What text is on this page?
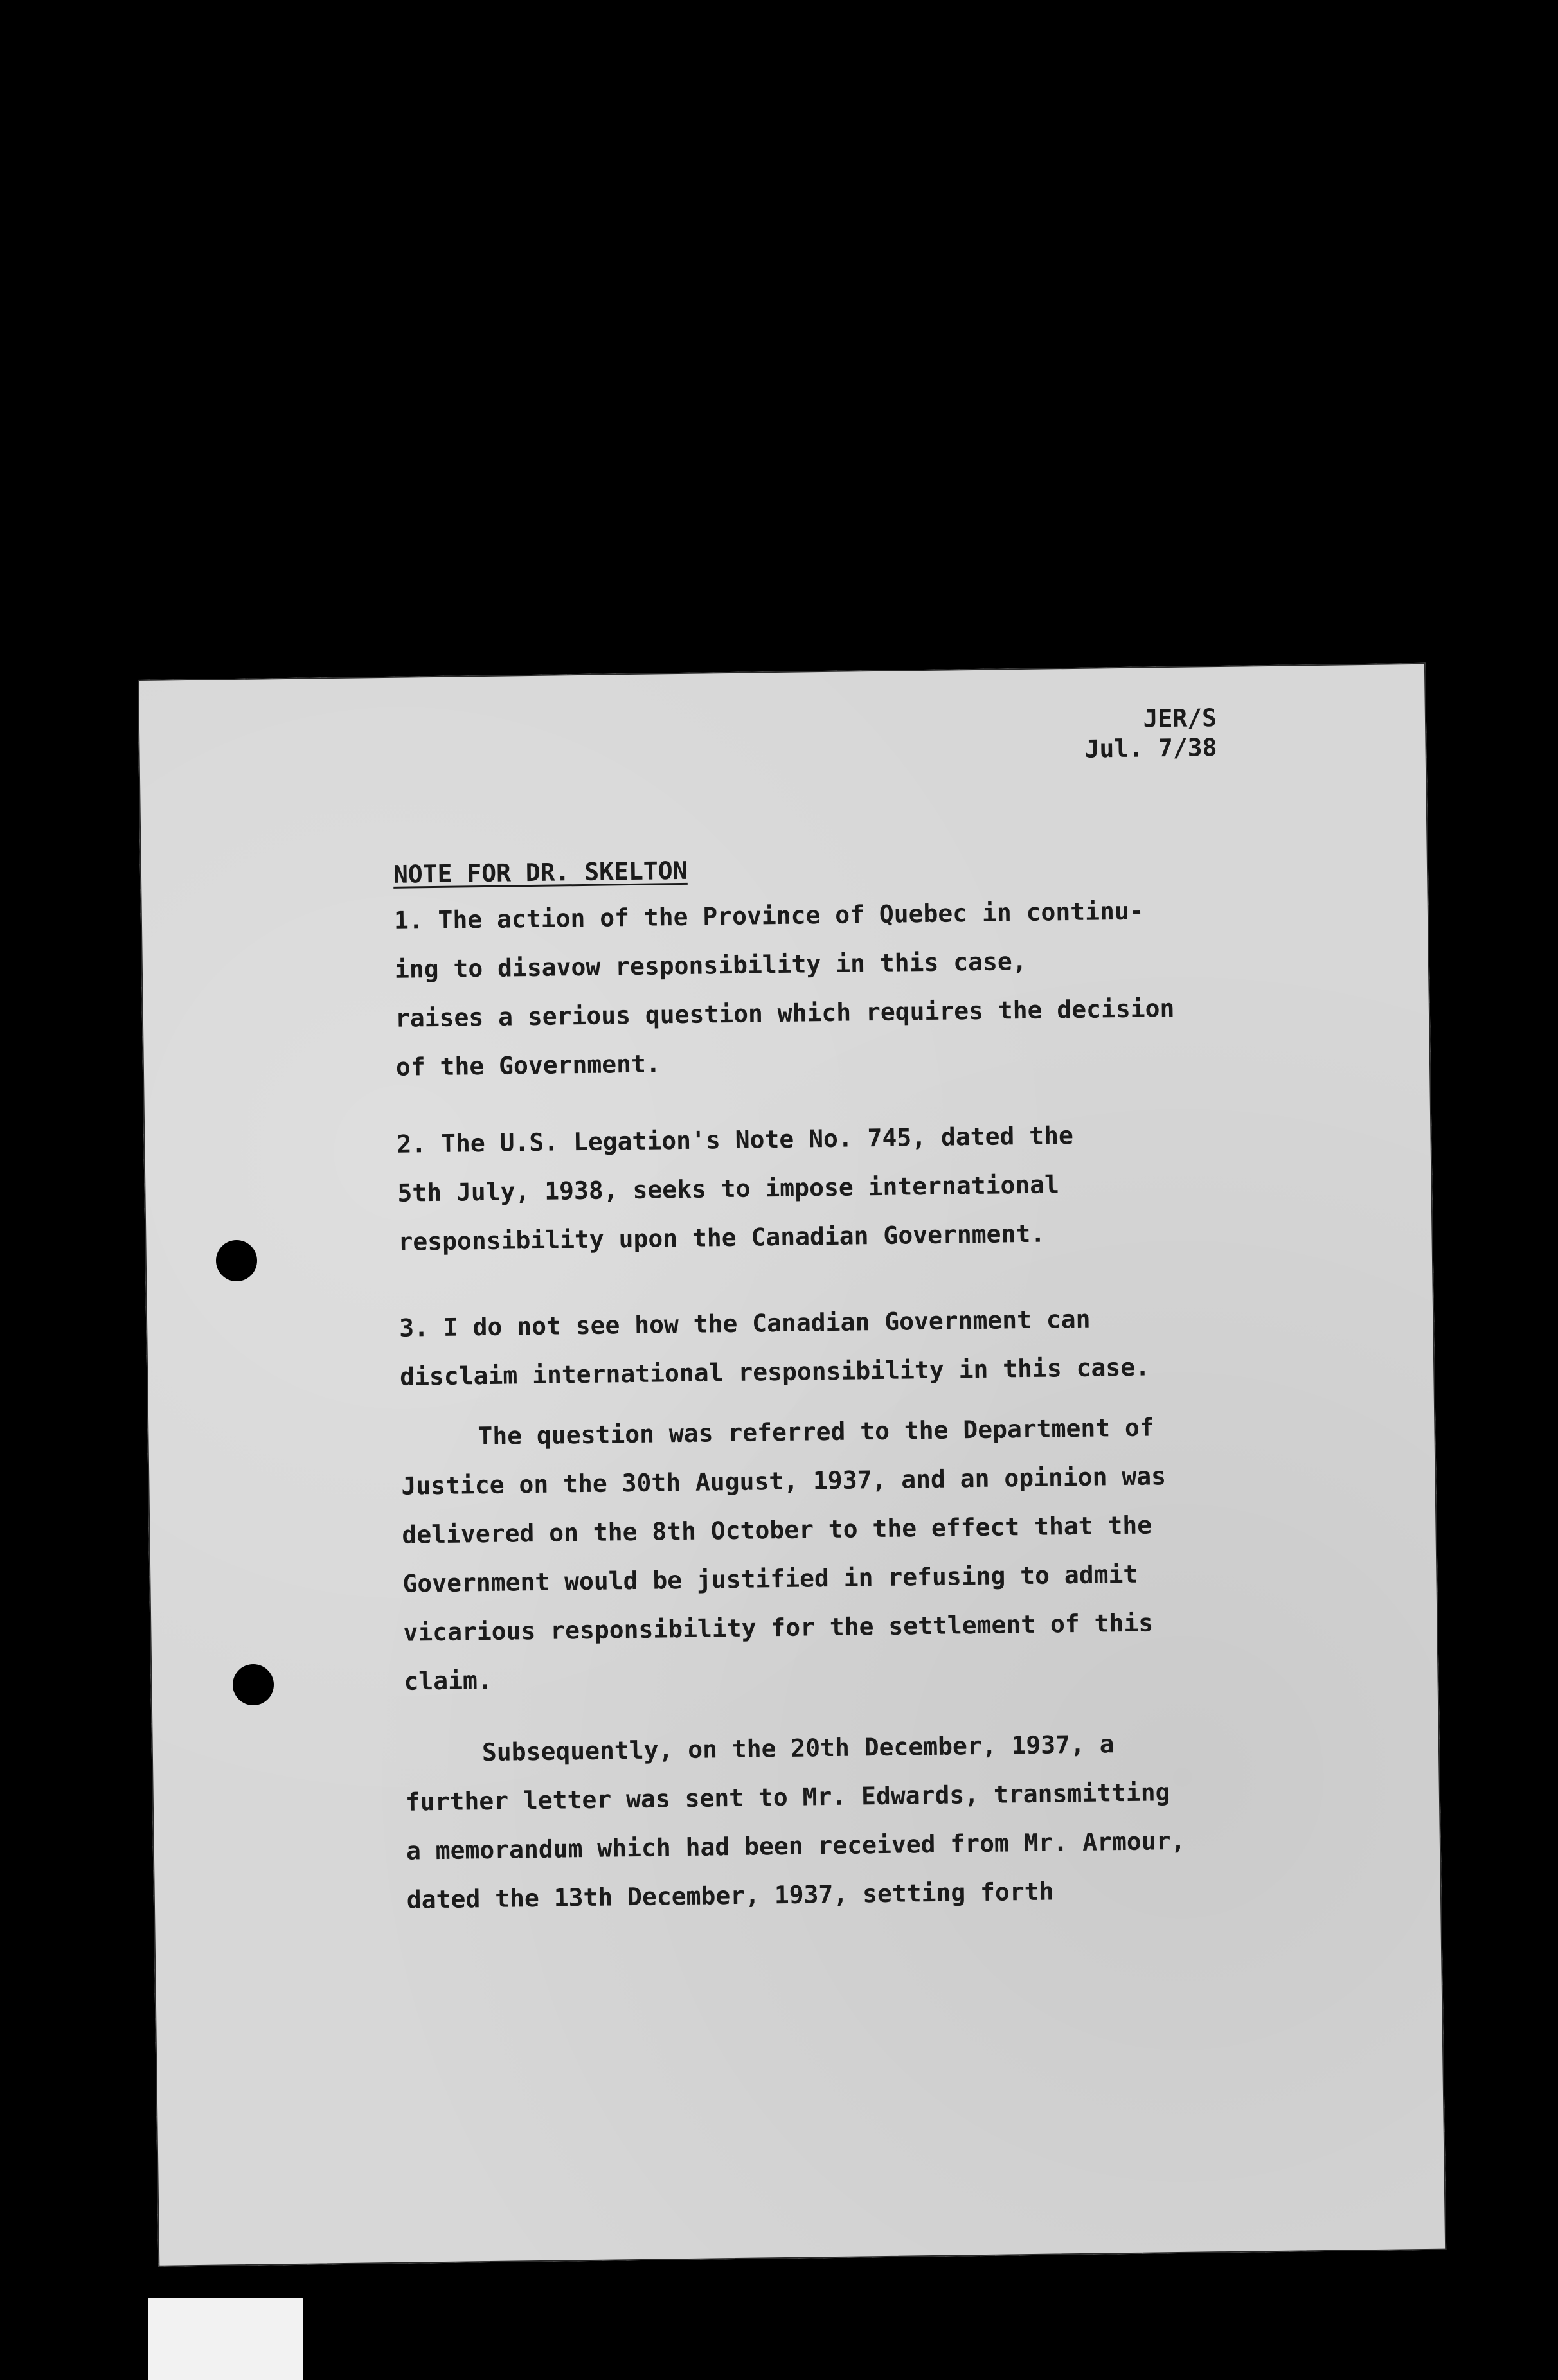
JER/S
Jul. 7/38
NOTE FOR DR. SKELTON
1. The action of the Province of Quebec in continu-
ing to disavow responsibility in this case,
raises a serious question which requires the decision
of the Government.
2. The U.S. Legation's Note No. 745, dated the
5th July, 1938, seeks to impose international
responsibility upon the Canadian Government.
3. I do not see how the Canadian Government can
disclaim international responsibility in this case.
The question was referred to the Department of
Justice on the 30th August, 1937, and an opinion was
delivered on the 8th October to the effect that the
Government would be justified in refusing to admit
vicarious responsibility for the settlement of this
claim.
Subsequently, on the 20th December, 1937, a
further letter was sent to Mr. Edwards, transmitting
a memorandum which had been received from Mr. Armour,
dated the 13th December, 1937, setting forth
